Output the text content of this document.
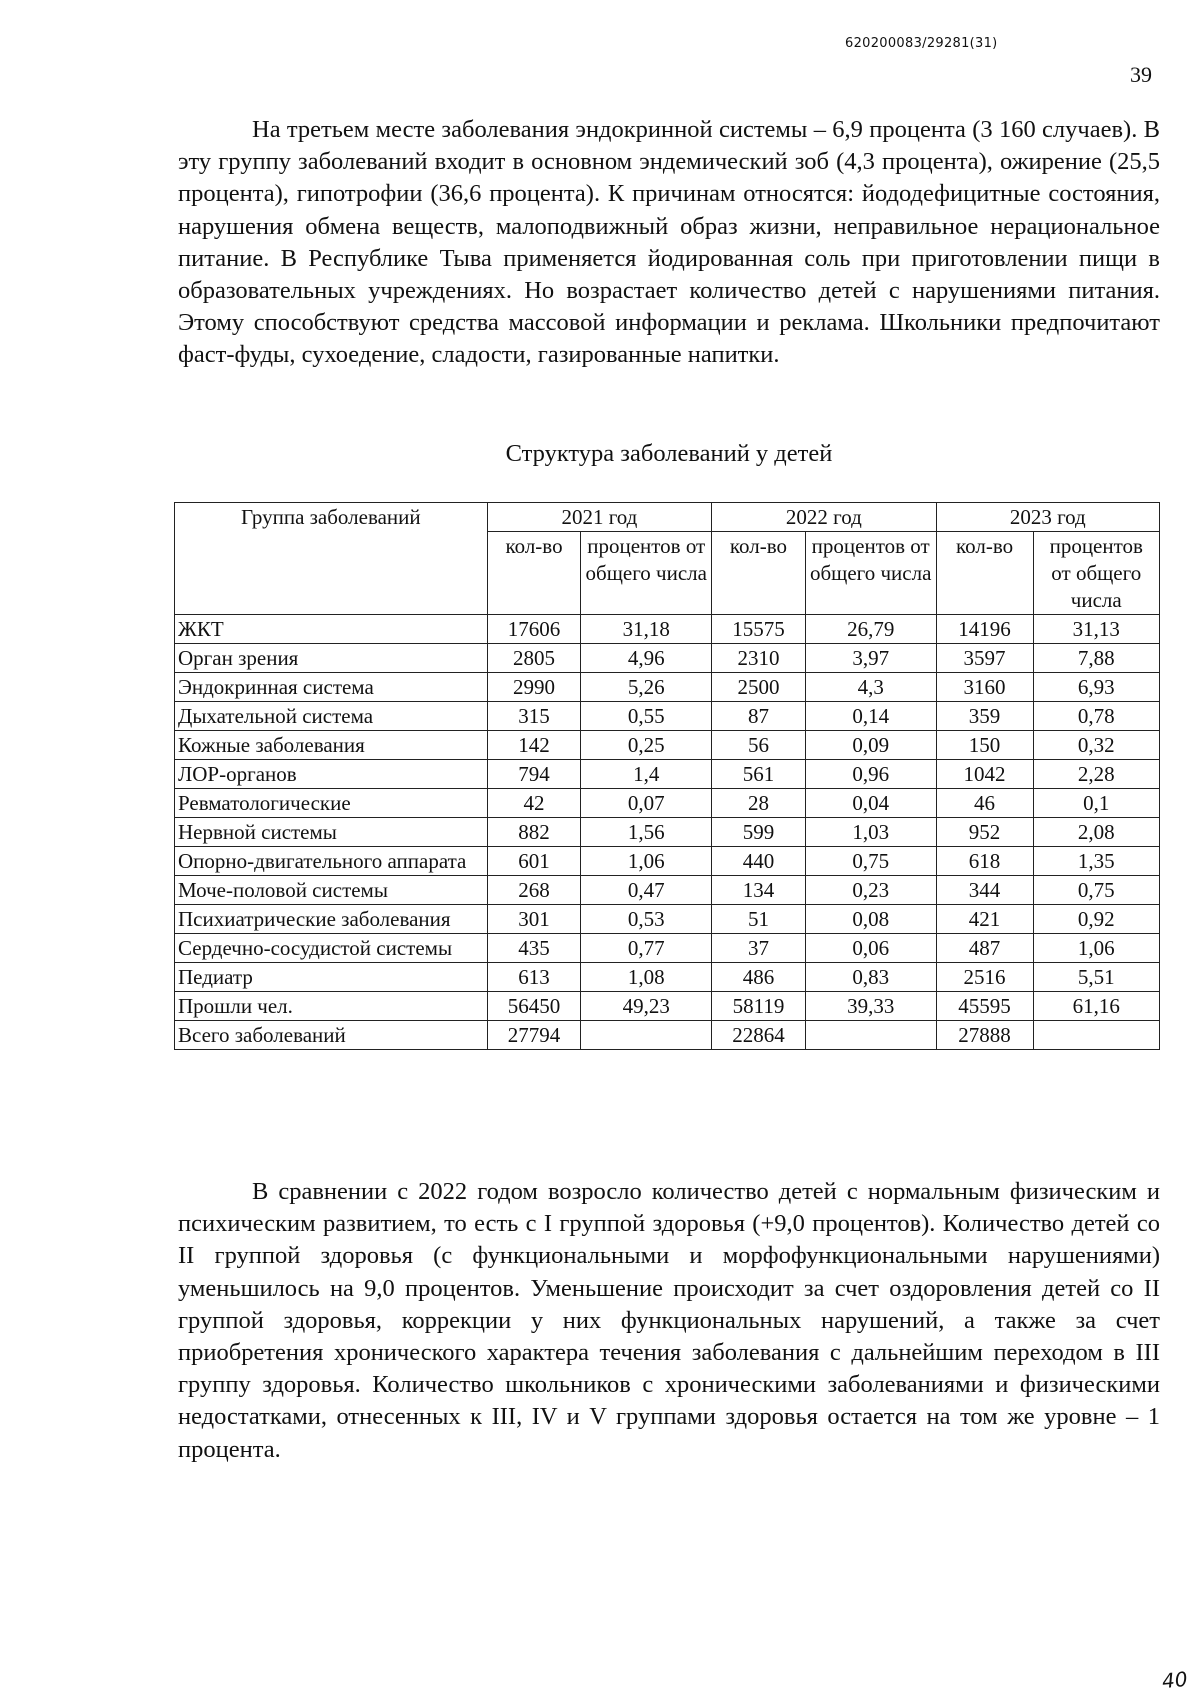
620200083/29281(31)
39

На третьем месте заболевания эндокринной системы – 6,9 процента (3 160 случаев). В эту группу заболеваний входит в основном эндемический зоб (4,3 процента), ожирение (25,5 процента), гипотрофии (36,6 процента). К причинам относятся: йододефицитные состояния, нарушения обмена веществ, малоподвижный образ жизни, неправильное нерациональное питание. В Республике Тыва применяется йодированная соль при приготовлении пищи в образовательных учреждениях. Но возрастает количество детей с нарушениями питания. Этому способствуют средства массовой информации и реклама. Школьники предпочитают фаст-фуды, сухоедение, сладости, газированные напитки.

Структура заболеваний у детей
Группа заболеваний	2021 год		2022 год		2023 год	
	кол-во	процентов от общего числа	кол-во	процентов от общего числа	кол-во	процентов от общего числа
ЖКТ	17606	31,18	15575	26,79	14196	31,13
Орган зрения	2805	4,96	2310	3,97	3597	7,88
Эндокринная система	2990	5,26	2500	4,3	3160	6,93
Дыхательной система	315	0,55	87	0,14	359	0,78
Кожные заболевания	142	0,25	56	0,09	150	0,32
ЛОР-органов	794	1,4	561	0,96	1042	2,28
Ревматологические	42	0,07	28	0,04	46	0,1
Нервной системы	882	1,56	599	1,03	952	2,08
Опорно-двигательного аппарата	601	1,06	440	0,75	618	1,35
Моче-половой системы	268	0,47	134	0,23	344	0,75
Психиатрические заболевания	301	0,53	51	0,08	421	0,92
Сердечно-сосудистой системы	435	0,77	37	0,06	487	1,06
Педиатр	613	1,08	486	0,83	2516	5,51
Прошли чел.	56450	49,23	58119	39,33	45595	61,16
Всего заболеваний	27794		22864		27888	

В сравнении с 2022 годом возросло количество детей с нормальным физическим и психическим развитием, то есть с I группой здоровья (+9,0 процентов). Количество детей со II группой здоровья (с функциональными и морфофункциональными нарушениями) уменьшилось на 9,0 процентов. Уменьшение происходит за счет оздоровления детей со II группой здоровья, коррекции у них функциональных нарушений, а также за счет приобретения хронического характера течения заболевания с дальнейшим переходом в III группу здоровья. Количество школьников с хроническими заболеваниями и физическими недостатками, отнесенных к III, IV и V группами здоровья остается на том же уровне – 1 процента.

40
